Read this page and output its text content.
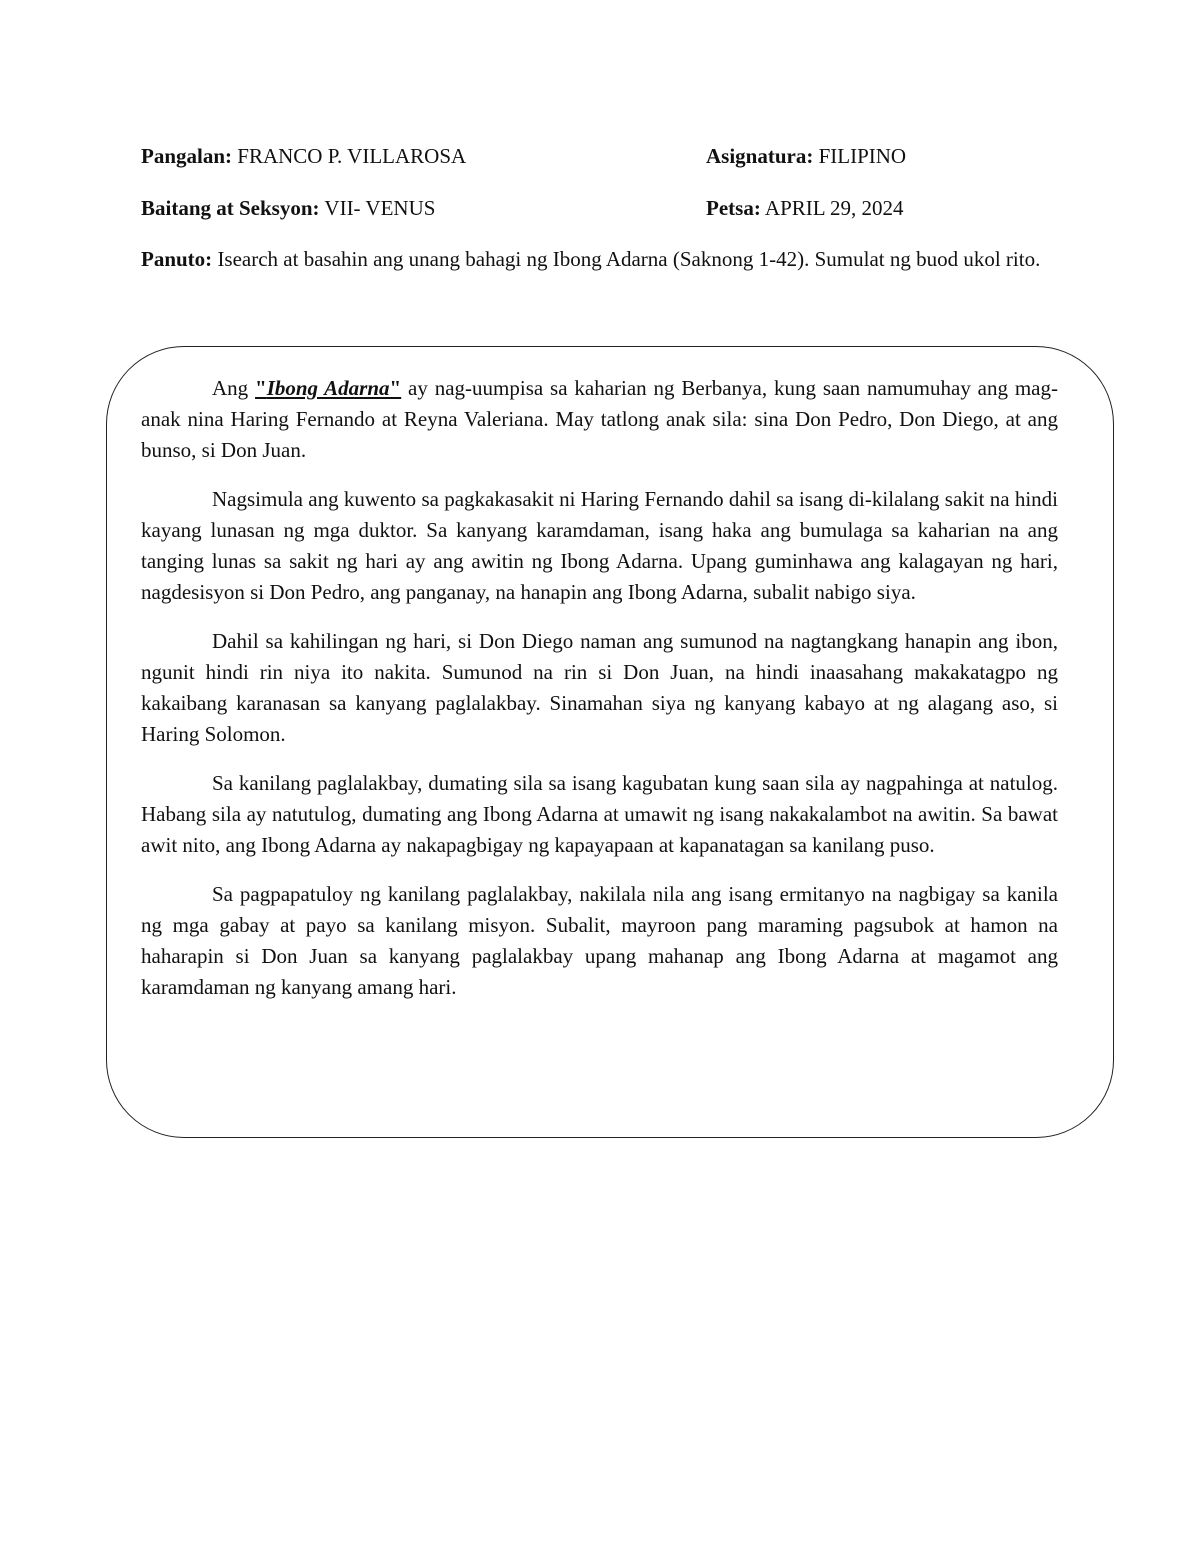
Pangalan: FRANCO P. VILLAROSA	Asignatura: FILIPINO
Baitang at Seksyon: VII- VENUS	Petsa: APRIL 29, 2024
Panuto: Isearch at basahin ang unang bahagi ng Ibong Adarna (Saknong 1-42). Sumulat ng buod ukol rito.

Ang "Ibong Adarna" ay nag-uumpisa sa kaharian ng Berbanya, kung saan namumuhay ang mag-anak nina Haring Fernando at Reyna Valeriana. May tatlong anak sila: sina Don Pedro, Don Diego, at ang bunso, si Don Juan.

Nagsimula ang kuwento sa pagkakasakit ni Haring Fernando dahil sa isang di-kilalang sakit na hindi kayang lunasan ng mga duktor. Sa kanyang karamdaman, isang haka ang bumulaga sa kaharian na ang tanging lunas sa sakit ng hari ay ang awitin ng Ibong Adarna. Upang guminhawa ang kalagayan ng hari, nagdesisyon si Don Pedro, ang panganay, na hanapin ang Ibong Adarna, subalit nabigo siya.

Dahil sa kahilingan ng hari, si Don Diego naman ang sumunod na nagtangkang hanapin ang ibon, ngunit hindi rin niya ito nakita. Sumunod na rin si Don Juan, na hindi inaasahang makakatagpo ng kakaibang karanasan sa kanyang paglalakbay. Sinamahan siya ng kanyang kabayo at ng alagang aso, si Haring Solomon.

Sa kanilang paglalakbay, dumating sila sa isang kagubatan kung saan sila ay nagpahinga at natulog. Habang sila ay natutulog, dumating ang Ibong Adarna at umawit ng isang nakakalambot na awitin. Sa bawat awit nito, ang Ibong Adarna ay nakapagbigay ng kapayapaan at kapanatagan sa kanilang puso.

Sa pagpapatuloy ng kanilang paglalakbay, nakilala nila ang isang ermitanyo na nagbigay sa kanila ng mga gabay at payo sa kanilang misyon. Subalit, mayroon pang maraming pagsubok at hamon na haharapin si Don Juan sa kanyang paglalakbay upang mahanap ang Ibong Adarna at magamot ang karamdaman ng kanyang amang hari.
